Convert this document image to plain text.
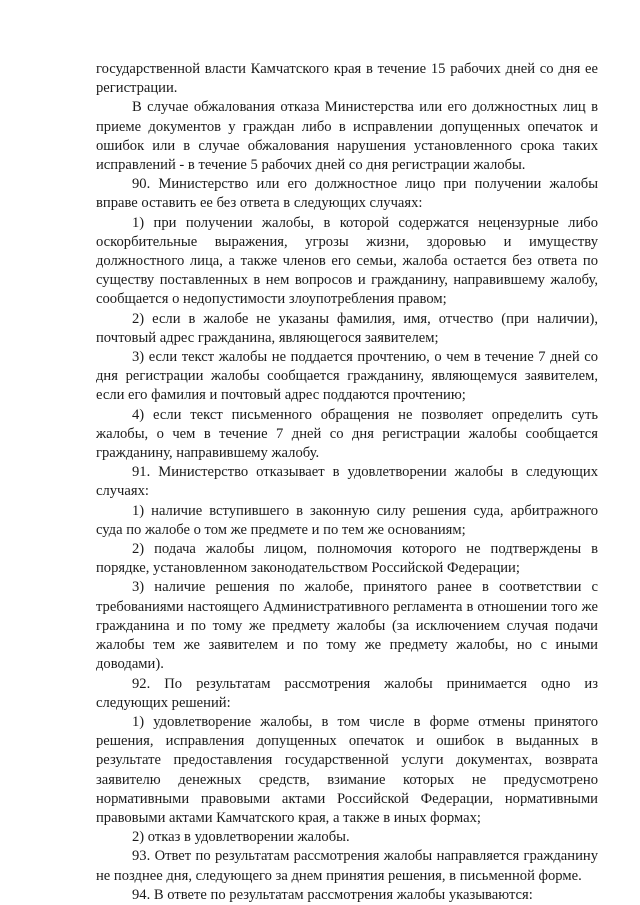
государственной власти Камчатского края в течение 15 рабочих дней со дня ее регистрации.

В случае обжалования отказа Министерства или его должностных лиц в приеме документов у граждан либо в исправлении допущенных опечаток и ошибок или в случае обжалования нарушения установленного срока таких исправлений - в течение 5 рабочих дней со дня регистрации жалобы.

90. Министерство или его должностное лицо при получении жалобы вправе оставить ее без ответа в следующих случаях:

1) при получении жалобы, в которой содержатся нецензурные либо оскорбительные выражения, угрозы жизни, здоровью и имуществу должностного лица, а также членов его семьи, жалоба остается без ответа по существу поставленных в нем вопросов и гражданину, направившему жалобу, сообщается о недопустимости злоупотребления правом;

2) если в жалобе не указаны фамилия, имя, отчество (при наличии), почтовый адрес гражданина, являющегося заявителем;

3) если текст жалобы не поддается прочтению, о чем в течение 7 дней со дня регистрации жалобы сообщается гражданину, являющемуся заявителем, если его фамилия и почтовый адрес поддаются прочтению;

4) если текст письменного обращения не позволяет определить суть жалобы, о чем в течение 7 дней со дня регистрации жалобы сообщается гражданину, направившему жалобу.

91. Министерство отказывает в удовлетворении жалобы в следующих случаях:

1) наличие вступившего в законную силу решения суда, арбитражного суда по жалобе о том же предмете и по тем же основаниям;

2) подача жалобы лицом, полномочия которого не подтверждены в порядке, установленном законодательством Российской Федерации;

3) наличие решения по жалобе, принятого ранее в соответствии с требованиями настоящего Административного регламента в отношении того же гражданина и по тому же предмету жалобы (за исключением случая подачи жалобы тем же заявителем и по тому же предмету жалобы, но с иными доводами).

92. По результатам рассмотрения жалобы принимается одно из следующих решений:

1) удовлетворение жалобы, в том числе в форме отмены принятого решения, исправления допущенных опечаток и ошибок в выданных в результате предоставления государственной услуги документах, возврата заявителю денежных средств, взимание которых не предусмотрено нормативными правовыми актами Российской Федерации, нормативными правовыми актами Камчатского края, а также в иных формах;

2) отказ в удовлетворении жалобы.

93. Ответ по результатам рассмотрения жалобы направляется гражданину не позднее дня, следующего за днем принятия решения, в письменной форме.

94. В ответе по результатам рассмотрения жалобы указываются:
